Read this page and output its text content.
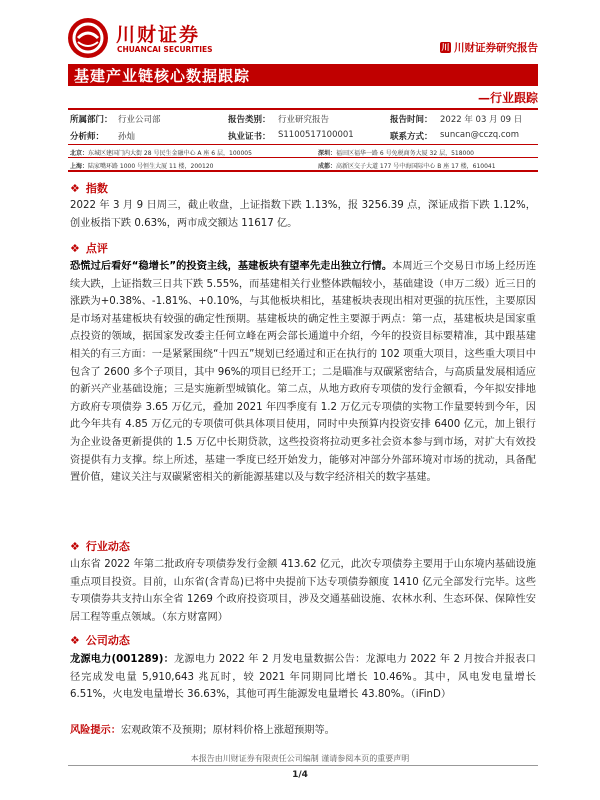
川财证券
CHUANCAI SECURITIES	川 川财证券研究报告
基建产业链核心数据跟踪
—行业跟踪
所属部门： 行业公司部	报告类别： 行业研究报告	报告时间： 2022 年 03 月 09 日
分析师： 孙灿	执业证书： S1100517100001	联系方式： suncan@cczq.com
北京：东城区建国门内大街 28 号民生金融中心 A 座 6 层，100005	深圳：福田区福华一路 6 号免税商务大厦 32 层，518000
上海：陆家嘴环路 1000 号恒生大厦 11 楼，200120	成都：高新区交子大道 177 号中海国际中心 B 座 17 楼，610041
❖ 指数
2022 年 3 月 9 日周三，截止收盘，上证指数下跌 1.13%，报 3256.39 点，深证成指下跌 1.12%，创业板指下跌 0.63%，两市成交额达 11617 亿。
❖ 点评
恐慌过后看好“稳增长”的投资主线，基建板块有望率先走出独立行情。本周近三个交易日市场上经历连续大跌，上证指数三日共下跌 5.55%，而基建相关行业整体跌幅较小，基础建设（申万二级）近三日的涨跌为+0.38%、-1.81%、+0.10%，与其他板块相比，基建板块表现出相对更强的抗压性，主要原因是市场对基建板块有较强的确定性预期。基建板块的确定性主要源于两点：第一点，基建板块是国家重点投资的领域，据国家发改委主任何立峰在两会部长通道中介绍，今年的投资目标要精准，其中跟基建相关的有三方面：一是紧紧围绕“十四五”规划已经通过和正在执行的 102 项重大项目，这些重大项目中包含了 2600 多个子项目，其中 96%的项目已经开工；二是瞄准与双碳紧密结合，与高质量发展相适应的新兴产业基础设施；三是实施新型城镇化。第二点，从地方政府专项债的发行金额看，今年拟安排地方政府专项债券 3.65 万亿元，叠加 2021 年四季度有 1.2 万亿元专项债的实物工作量要转到今年，因此今年共有 4.85 万亿元的专项债可供具体项目使用，同时中央预算内投资安排 6400 亿元，加上银行为企业设备更新提供的 1.5 万亿中长期贷款，这些投资将拉动更多社会资本参与到市场，对扩大有效投资提供有力支撑。综上所述，基建一季度已经开始发力，能够对冲部分外部环境对市场的扰动，具备配置价值，建议关注与双碳紧密相关的新能源基建以及与数字经济相关的数字基建。
❖ 行业动态
山东省 2022 年第二批政府专项债券发行金额 413.62 亿元，此次专项债券主要用于山东境内基础设施重点项目投资。目前，山东省(含青岛)已将中央提前下达专项债券额度 1410 亿元全部发行完毕。这些专项债券共支持山东全省 1269 个政府投资项目，涉及交通基础设施、农林水利、生态环保、保障性安居工程等重点领域。（东方财富网）
❖ 公司动态
龙源电力(001289)：龙源电力 2022 年 2 月发电量数据公告：龙源电力 2022 年 2 月按合并报表口径完成发电量 5,910,643 兆瓦时，较 2021 年同期同比增长 10.46%。其中，风电发电量增长 6.51%，火电发电量增长 36.63%，其他可再生能源发电量增长 43.80%。（iFinD）
风险提示：宏观政策不及预期；原材料价格上涨超预期等。
本报告由川财证券有限责任公司编制 谨请参阅本页的重要声明
1/4
